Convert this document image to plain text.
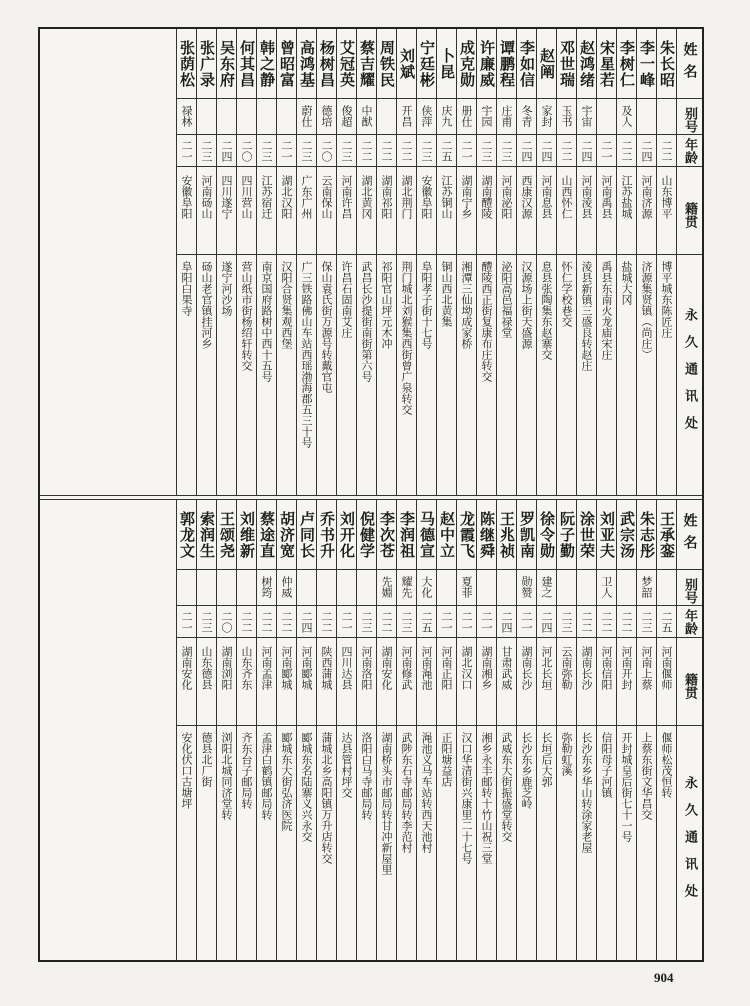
姓名
别号
年龄
籍贯
永久通讯处
朱长昭
二二
山东博平
博平城东陈匠庄
李一峰
二四
河南济源
济源集贤镇（尚庄）
李树仁
及人
二二
江苏盐城
盐城大冈
宋星若
二一
河南禹县
禹县东南火龙庙宋庄
赵鸿绪
宇宙
二四
河南淩县
淩县新镇三盛良转赵庄
邓世瑞
玉书
二二
山西怀仁
怀仁学校巷交
赵阐
家封
二四
河南息县
息县张陶集东赵寨交
李如信
冬青
二四
西康汉源
汉源场上街天盛源
谭鹏程
庄甫
二三
河南泌阳
泌阳高邑福禄堂
许廉威
宇园
二三
湖南醴陵
醴陵西正街复康布庄转交
成克勋
册仕
二一
湖南宁乡
湘潭三仙坳成家桥
卜昆
庆九
二五
江苏铜山
铜山西北黄集
宁廷彬
侠萍
二三
安徽阜阳
阜阳孝子街十七号
刘斌
开昌
二二
湖北荆门
荆门城北刘猴集西街曾广泉转交
周铁民
二二
湖南祁阳
祁阳官山坪元木冲
蔡吉耀
中猷
二二
湖北黄冈
武昌长沙提街南街第六号
艾冠英
俊超
二三
河南许昌
许昌石固南艾庄
杨树昌
德培
二〇
云南保山
保山袁氏街万源号转戴官屯
高鸿基
蔚仕
二三
广东广州
广三铁路佛山车站西瑶渤海郡五三十号
曾昭富
二一
湖北汉阳
汉阳合贤集观西堡
韩之静
二三
江苏宿迁
南京国府路树中西十五号
何其昌
二〇
四川营山
营山纸市街杨绍轩转交
吴东府
二四
四川遂宁
遂宁河沙场
张广录
二三
河南砀山
砀山老官镇挂河乡
张荫松
禄林
二一
安徽阜阳
阜阳白果寺
姓名
别号
年龄
籍贯
永久通讯处
王承銮
二五
河南偃师
偃师松茂恒转
朱志彤
梦韶
二三
河南上蔡
上蔡东街文华昌交
武宗汤
二二
河南开封
开封城皇后街七十一号
刘亚夫
卫人
二二
河南信阳
信阳母子河镇
涂世荣
二二
湖南长沙
长沙东乡华山转涂家老屋
阮子勤
二三
云南弥勒
弥勒虹溪
徐令勋
建之
二四
河北长垣
长垣后大郭
罗凯南
勋赞
二一
湖南长沙
长沙东乡鹿芝岭
王兆祯
二四
甘肃武威
武威东大街振盛堂转交
陈继舜
二一
湖南湘乡
湘乡永丰邮转十竹山祝三堂
龙霞飞
夏菲
二一
湖北汉口
汉口华清街兴康里二十七号
赵中立
二一
河南正阳
正阳塘益店
马德宣
大化
二五
河南渑池
渑池义马车站转西天池村
李润祖
耀先
二三
河南修武
武陟东石寺邮局转李范村
李次苍
先婣
二二
湖南安化
湖南桥头市邮局转甘冲新屋里
倪健学
二三
河南洛阳
洛阳白马寺邮局转
刘开化
二一
四川达县
达县管村坪交
乔书升
二二
陕西蒲城
蒲城北乡高阳镇万升店转交
卢同长
二四
河南郾城
郾城东名陆寨义兴永交
胡济宽
仲威
二二
河南郾城
郾城东大街弘济医院
蔡途直
树筠
二二
河南孟津
孟津白鹤镇邮局转
刘维新
二二
山东齐东
齐东台子邮局转
王颂尧
二〇
湖南浏阳
浏阳北城同济堂转
索润生
二三
山东德县
德县北厂街
郭龙文
二一
湖南安化
安化伏口古塘坪
904
